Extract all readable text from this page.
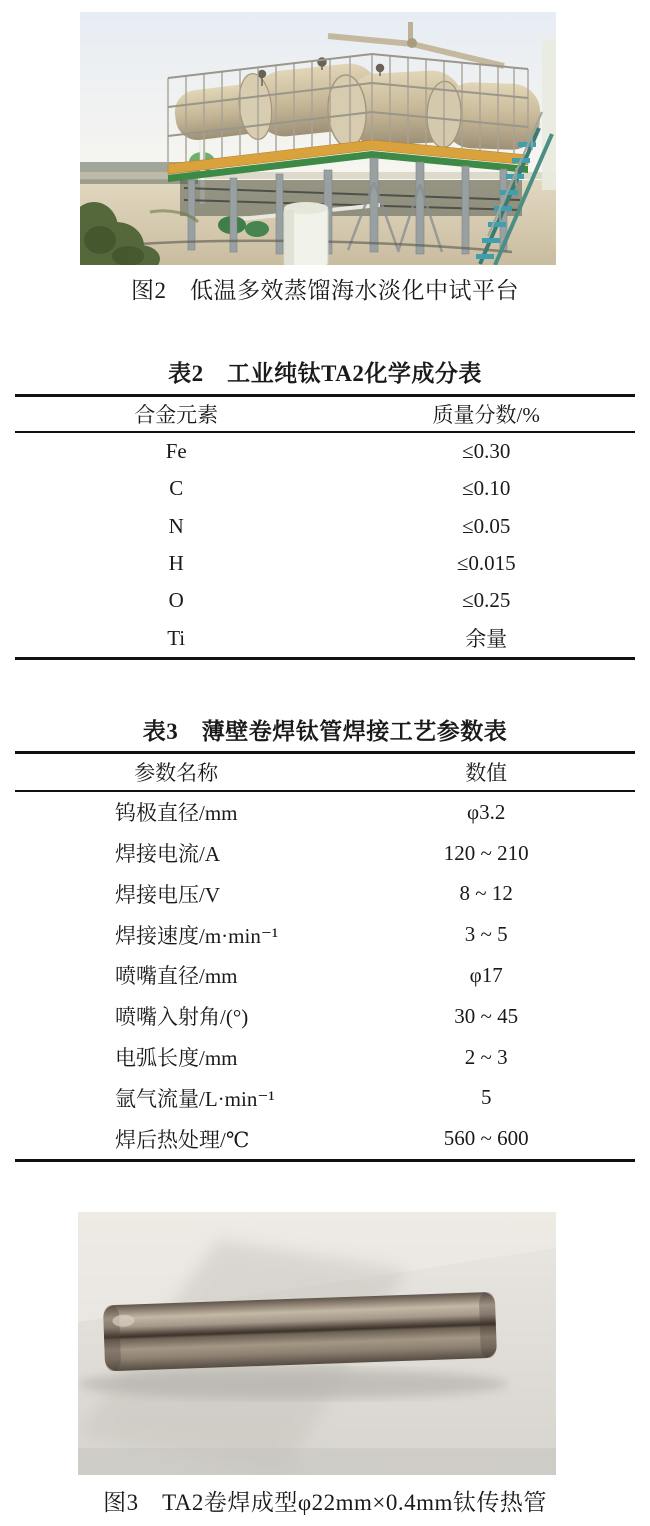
图2　低温多效蒸馏海水淡化中试平台
表2　工业纯钛TA2化学成分表
合金元素	质量分数/%
Fe	≤0.30
C	≤0.10
N	≤0.05
H	≤0.015
O	≤0.25
Ti	余量
表3　薄壁卷焊钛管焊接工艺参数表
参数名称	数值
钨极直径/mm	φ3.2
焊接电流/A	120 ~ 210
焊接电压/V	8 ~ 12
焊接速度/m·min⁻¹	3 ~ 5
喷嘴直径/mm	φ17
喷嘴入射角/(°)	30 ~ 45
电弧长度/mm	2 ~ 3
氩气流量/L·min⁻¹	5
焊后热处理/℃	560 ~ 600
图3　TA2卷焊成型φ22mm×0.4mm钛传热管
